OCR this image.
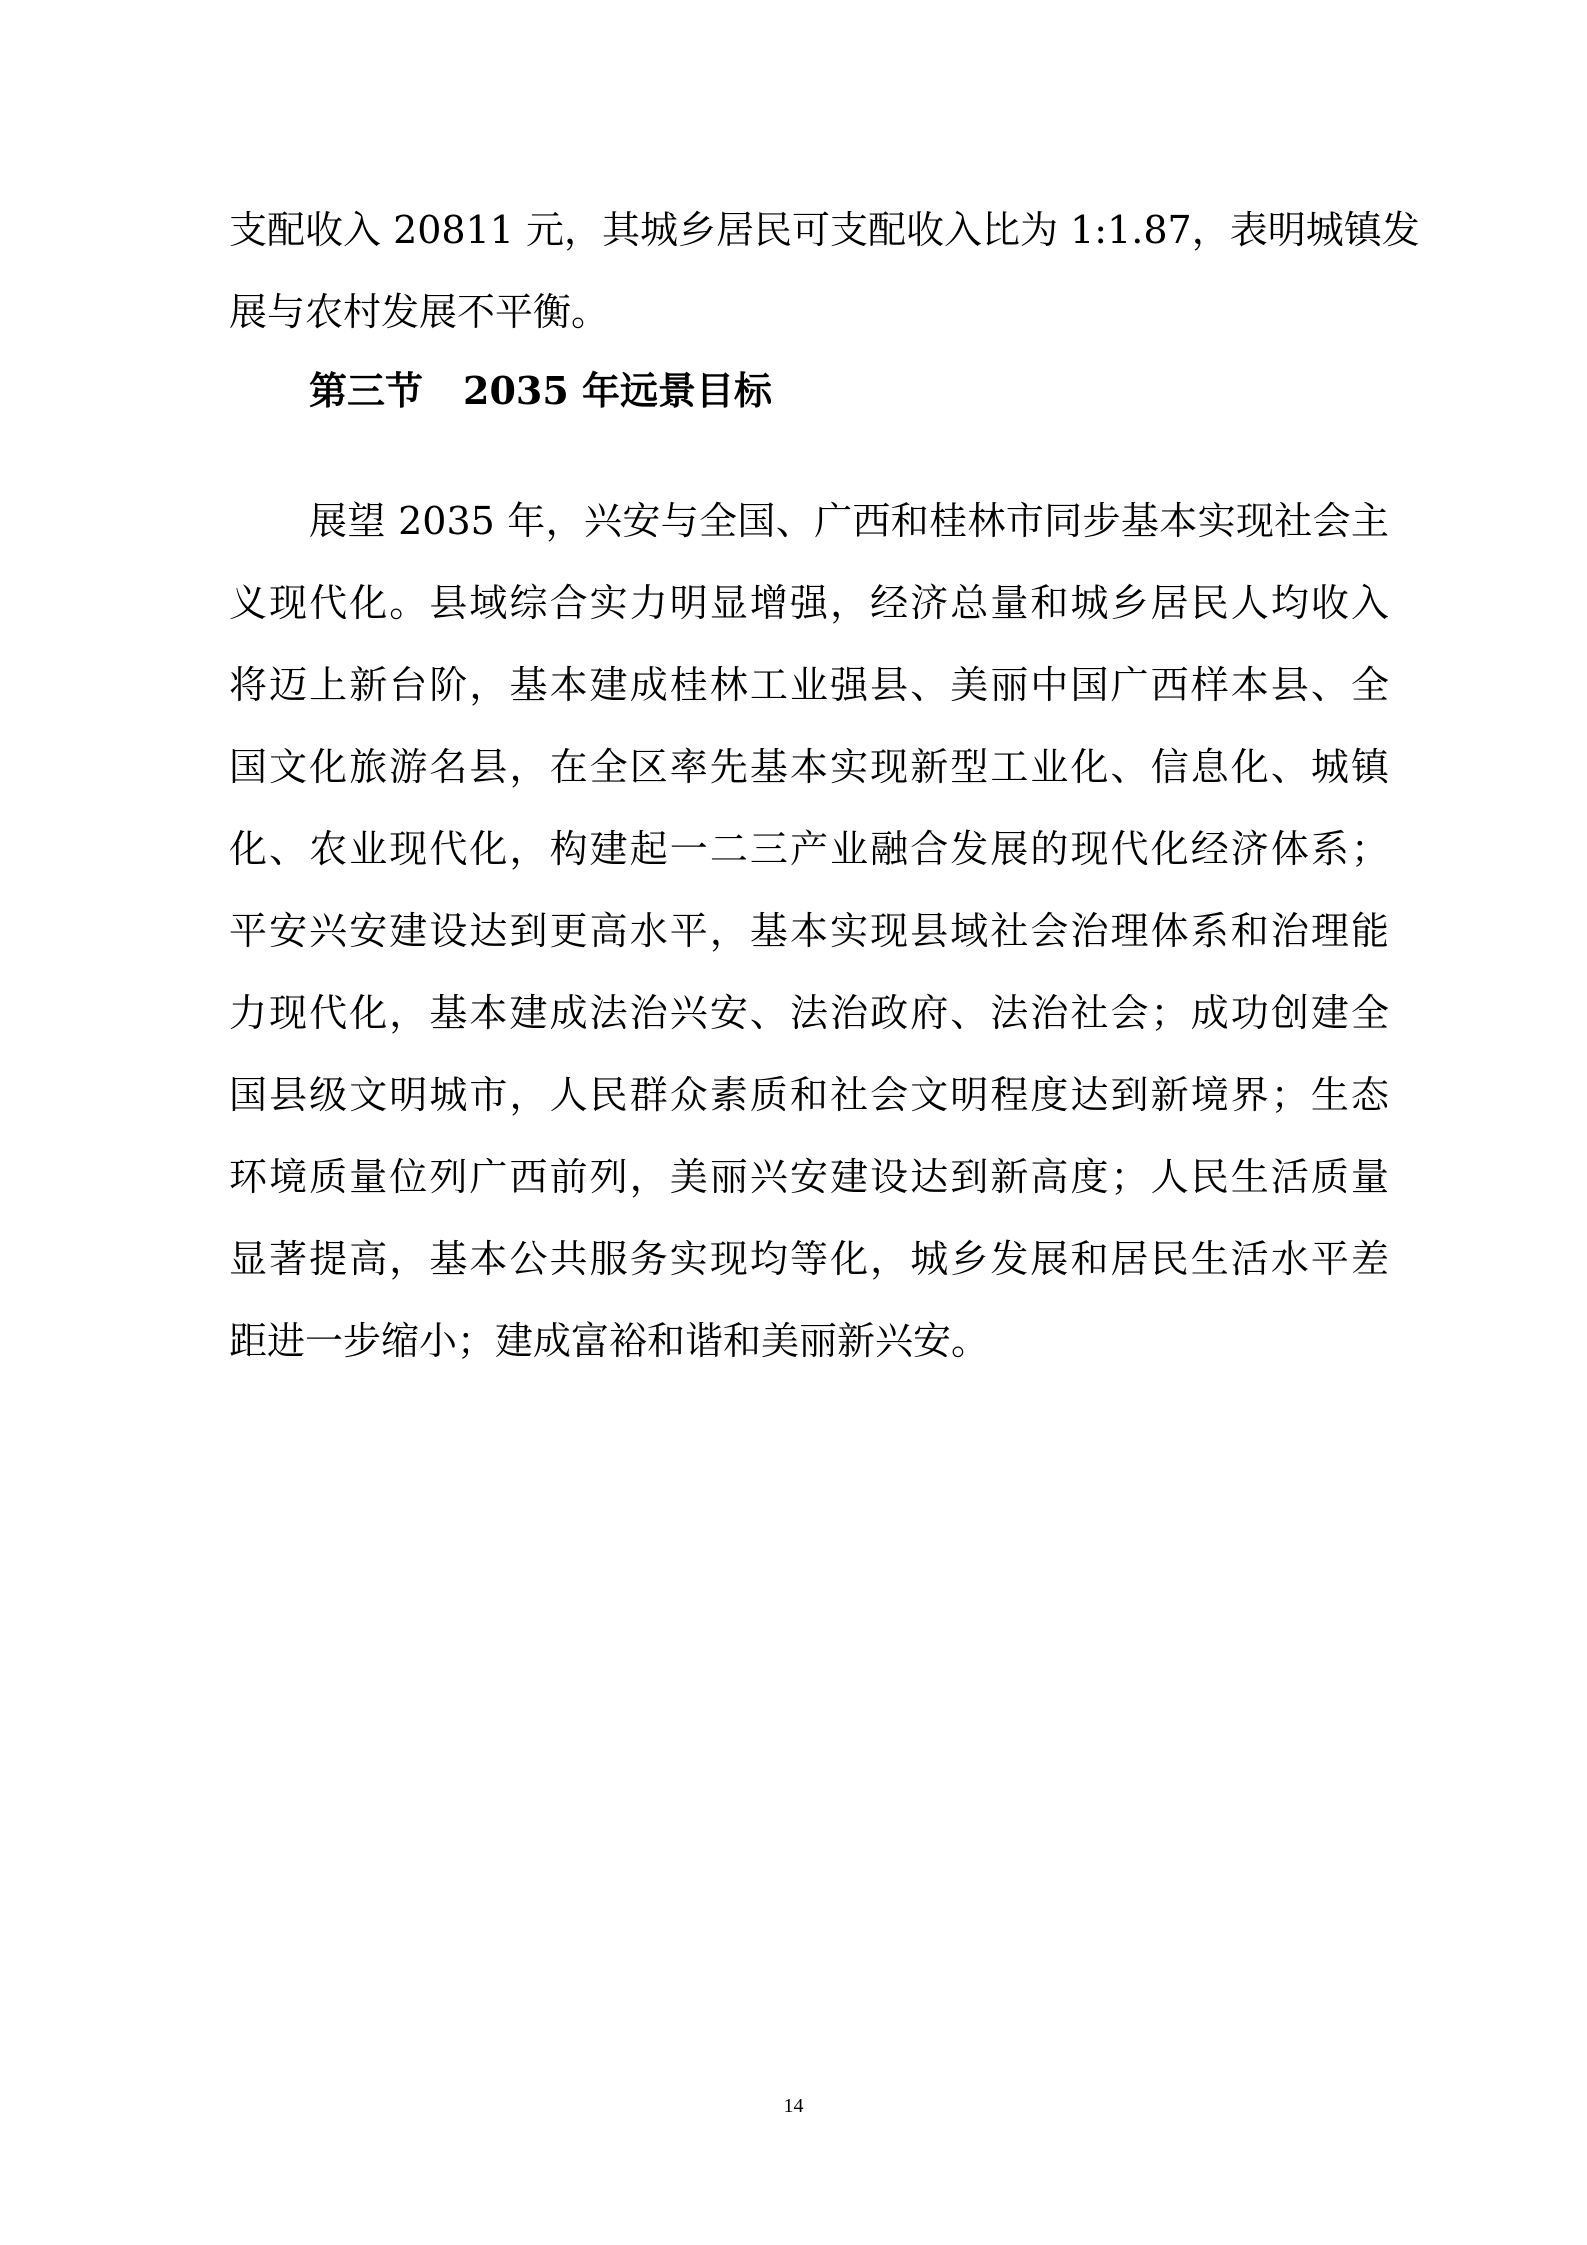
支配收入 20811 元，其城乡居民可支配收入比为 1:1.87，表明城镇发
展与农村发展不平衡。
第三节 2035 年远景目标
展望 2035 年，兴安与全国、广西和桂林市同步基本实现社会主
义现代化。县域综合实力明显增强，经济总量和城乡居民人均收入
将迈上新台阶，基本建成桂林工业强县、美丽中国广西样本县、全
国文化旅游名县，在全区率先基本实现新型工业化、信息化、城镇
化、农业现代化，构建起一二三产业融合发展的现代化经济体系；
平安兴安建设达到更高水平，基本实现县域社会治理体系和治理能
力现代化，基本建成法治兴安、法治政府、法治社会；成功创建全
国县级文明城市，人民群众素质和社会文明程度达到新境界；生态
环境质量位列广西前列，美丽兴安建设达到新高度；人民生活质量
显著提高，基本公共服务实现均等化，城乡发展和居民生活水平差
距进一步缩小；建成富裕和谐和美丽新兴安。
14
